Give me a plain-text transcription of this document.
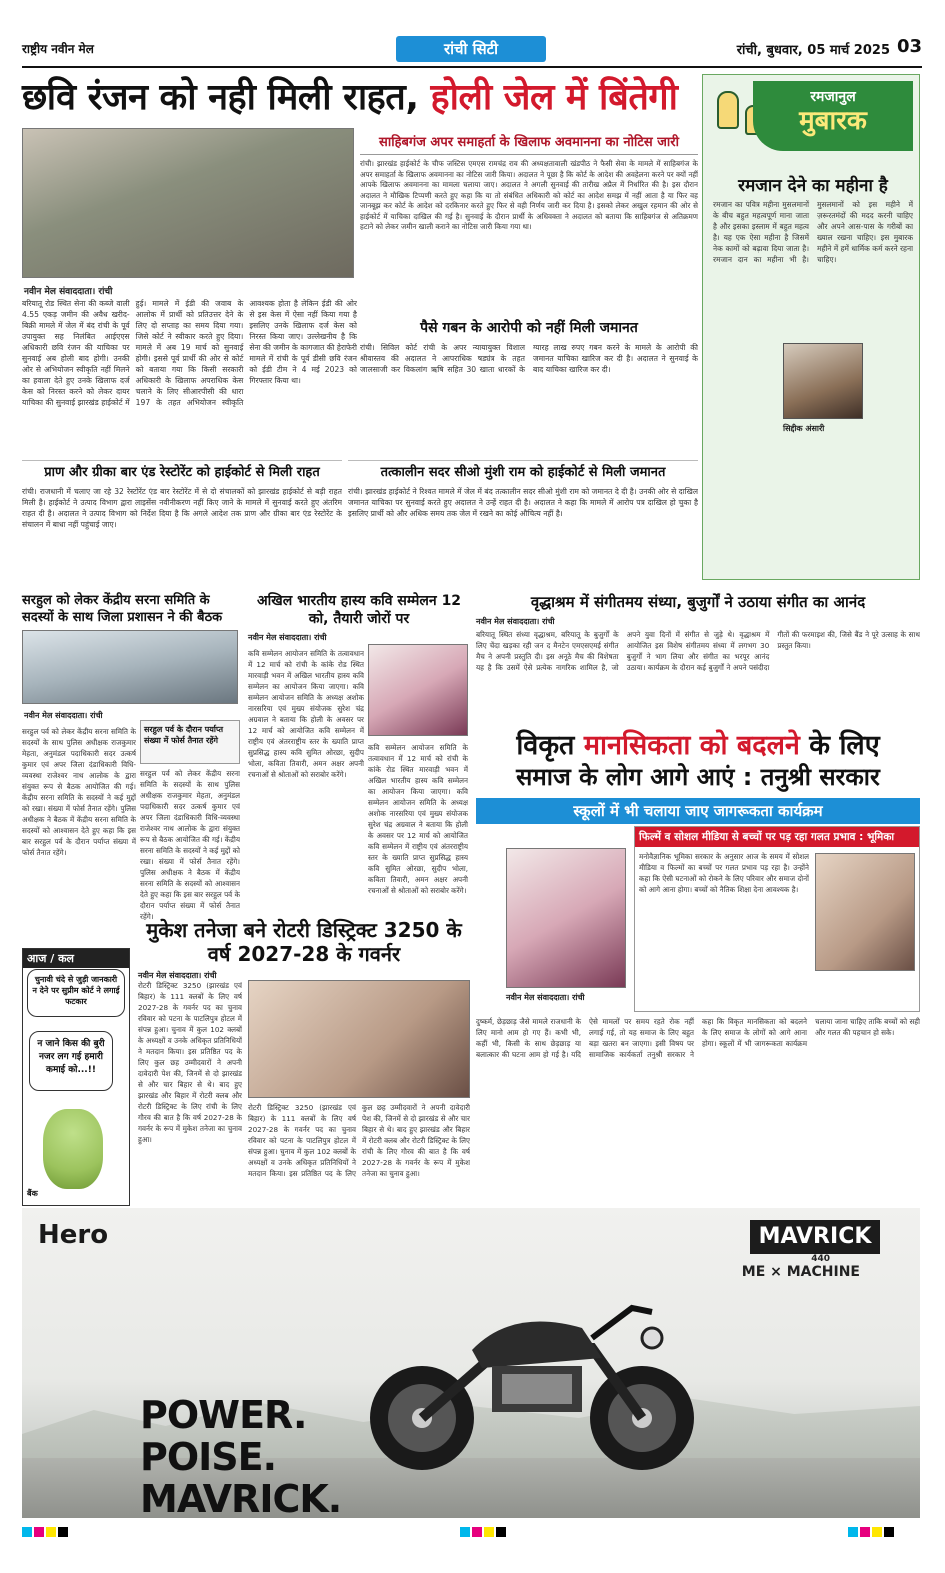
राष्ट्रीय नवीन मेल	रांची सिटी	रांची, बुधवार, 05 मार्च 2025 03
छवि रंजन को नही मिली राहत, होली जेल में बिंतेगी
नवीन मेल संवाददाता। रांची
बरियातू रोड स्थित सेना की कब्जे वाली 4.55 एकड़ जमीन की अवैध खरीद-बिक्री मामले में जेल में बंद रांची के पूर्व उपायुक्त सह निलंबित आईएएस अधिकारी छवि रंजन की याचिका पर सुनवाई अब होली बाद होगी। उनकी ओर से अभियोजन स्वीकृति नहीं मिलने का हवाला देते हुए उनके खिलाफ दर्ज केस को निरस्त करने को लेकर दायर याचिका की सुनवाई झारखंड हाईकोर्ट में हुई। मामले में ईडी की जवाब के आलोक में प्रार्थी को प्रतिउत्तर देने के लिए दो सप्ताह का समय दिया गया। जिसे कोर्ट ने स्वीकार करते हुए दिया। मामले में अब 19 मार्च को सुनवाई होगी। इससे पूर्व प्रार्थी की ओर से कोर्ट को बताया गया कि किसी सरकारी अधिकारी के खिलाफ अपराधिक केस चलाने के लिए सीआरपीसी की धारा 197 के तहत अभियोजन स्वीकृति आवश्यक होता है लेकिन ईडी की ओर से इस केस में ऐसा नहीं किया गया है इसलिए उनके खिलाफ दर्ज केस को निरस्त किया जाए। उल्लेखनीय है कि सेना की जमीन के कागजात की हेराफेरी मामले में रांची के पूर्व डीसी छवि रंजन को ईडी टीम ने 4 मई 2023 को गिरफ्तार किया था।
साहिबगंज अपर समाहर्ता के खिलाफ अवमानना का नोटिस जारी
रांची। झारखंड हाईकोर्ट के चीफ जस्टिस एमएस रामचंद्र राव की अध्यक्षतावाली खंडपीठ ने फैसी सेवा के मामले में साहिबगंज के अपर समाहर्ता के खिलाफ अवमानना का नोटिस जारी किया। अदालत ने पूछा है कि कोर्ट के आदेश की अवहेलना करने पर क्यों नहीं आपके खिलाफ अवमानना का मामला चलाया जाए। अदालत ने अगली सुनवाई की तारीख अप्रैल में निर्धारित की है। इस दौरान अदालत ने मौखिक टिप्पणी करते हुए कहा कि या तो संबंधित अधिकारी को कोर्ट का आदेश समझ में नहीं आता है या फिर वह जानबूझ कर कोर्ट के आदेश को दरकिनार करते हुए फिर से वही निर्णय जारी कर दिया है। इसको लेकर अखुल रहमान की ओर से हाईकोर्ट में याचिका दाखिल की गई है। सुनवाई के दौरान प्रार्थी के अधिवक्ता ने अदालत को बताया कि साहिबगंज से अतिक्रमण हटाने को लेकर जमीन खाली कराने का नोटिस जारी किया गया था।
पैसे गबन के आरोपी को नहीं मिली जमानत
रांची। सिविल कोर्ट रांची के अपर न्यायायुक्त विशाल श्रीवास्तव की अदालत ने आपराधिक षड्यंत्र के तहत जालसाजी कर विकलांग ऋषि सहित 30 खाता धारकों के ग्यारह लाख रुपए गबन करने के मामले के आरोपी की जमानत याचिका खारिज कर दी है। अदालत ने सुनवाई के बाद याचिका खारिज कर दी।
प्राण और ग्रीका बार एंड रेस्टोरेंट को हाईकोर्ट से मिली राहत
रांची। राजधानी में चलाए जा रहे 32 रेस्टोरेंट एंड बार रेस्टोरेंट में से दो संचालकों को झारखंड हाईकोर्ट से बड़ी राहत मिली है। हाईकोर्ट ने उत्पाद विभाग द्वारा लाइसेंस नवीनीकरण नहीं किए जाने के मामले में सुनवाई करते हुए अंतरिम राहत दी है। अदालत ने उत्पाद विभाग को निर्देश दिया है कि अगले आदेश तक प्राण और ग्रीका बार एंड रेस्टोरेंट के संचालन में बाधा नहीं पहुंचाई जाए।
तत्कालीन सदर सीओ मुंशी राम को हाईकोर्ट से मिली जमानत
रांची। झारखंड हाईकोर्ट ने रिश्वत मामले में जेल में बंद तत्कालीन सदर सीओ मुंशी राम को जमानत दे दी है। उनकी ओर से दाखिल जमानत याचिका पर सुनवाई करते हुए अदालत ने उन्हें राहत दी है। अदालत ने कहा कि मामले में आरोप पत्र दाखिल हो चुका है इसलिए प्रार्थी को और अधिक समय तक जेल में रखने का कोई औचित्य नहीं है।
रमजानुल
मुबारक
रमजान देने का महीना है
रमजान का पवित्र महीना मुसलमानों के बीच बहुत महत्वपूर्ण माना जाता है और इसका इस्लाम में बहुत महत्व है। यह एक ऐसा महीना है जिसमें नेक कामों को बढ़ावा दिया जाता है। रमजान दान का महीना भी है। मुसलमानों को इस महीने में ज़रूरतमंदों की मदद करनी चाहिए और अपने आस-पास के गरीबों का ख्याल रखना चाहिए। इस मुबारक महीने में हमें धार्मिक कर्म करने रहना चाहिए।
सिद्दीक अंसारी
सरहुल को लेकर केंद्रीय सरना समिति के सदस्यों के साथ जिला प्रशासन ने की बैठक
नवीन मेल संवाददाता। रांची
सरहुल पर्व के दौरान पर्याप्त संख्या में फोर्स तैनात रहेंगे
सरहुल पर्व को लेकर केंद्रीय सरना समिति के सदस्यों के साथ पुलिस अधीक्षक राजकुमार मेहता, अनुमंडल पदाधिकारी सदर उत्कर्ष कुमार एवं अपर जिला दंडाधिकारी विधि-व्यवस्था राजेश्वर नाथ आलोक के द्वारा संयुक्त रूप से बैठक आयोजित की गई। केंद्रीय सरना समिति के सदस्यों ने कई मुद्दों को रखा। संख्या में फोर्स तैनात रहेंगे। पुलिस अधीक्षक ने बैठक में केंद्रीय सरना समिति के सदस्यों को आश्वासन देते हुए कहा कि इस बार सरहुल पर्व के दौरान पर्याप्त संख्या में फोर्स तैनात रहेंगे।
सरहुल पर्व को लेकर केंद्रीय सरना समिति के सदस्यों के साथ पुलिस अधीक्षक राजकुमार मेहता, अनुमंडल पदाधिकारी सदर उत्कर्ष कुमार एवं अपर जिला दंडाधिकारी विधि-व्यवस्था राजेश्वर नाथ आलोक के द्वारा संयुक्त रूप से बैठक आयोजित की गई। केंद्रीय सरना समिति के सदस्यों ने कई मुद्दों को रखा। संख्या में फोर्स तैनात रहेंगे। पुलिस अधीक्षक ने बैठक में केंद्रीय सरना समिति के सदस्यों को आश्वासन देते हुए कहा कि इस बार सरहुल पर्व के दौरान पर्याप्त संख्या में फोर्स तैनात रहेंगे।
आज / कल
चुनावी चंदे से जुड़ी जानकारी न देने पर सुप्रीम कोर्ट ने लगाई फटकार
न जाने किस की बुरी नजर लग गई हमारी कमाई को...!!
बैंक
अखिल भारतीय हास्य कवि सम्मेलन 12 को, तैयारी जोरों पर
नवीन मेल संवाददाता। रांची
कवि सम्मेलन आयोजन समिति के तत्वावधान में 12 मार्च को रांची के कांके रोड स्थित मारवाड़ी भवन में अखिल भारतीय हास्य कवि सम्मेलन का आयोजन किया जाएगा। कवि सम्मेलन आयोजन समिति के अध्यक्ष अशोक नारसरिया एवं मुख्य संयोजक सुरेश चंद्र अग्रवाल ने बताया कि होली के अवसर पर 12 मार्च को आयोजित कवि सम्मेलन में राष्ट्रीय एवं अंतरराष्ट्रीय स्तर के ख्याति प्राप्त सुप्रसिद्ध हास्य कवि सुमित ओरछा, सुदीप भोला, कविता तिवारी, अमन अक्षर अपनी रचनाओं से श्रोताओं को सराबोर करेंगे।
कवि सम्मेलन आयोजन समिति के तत्वावधान में 12 मार्च को रांची के कांके रोड स्थित मारवाड़ी भवन में अखिल भारतीय हास्य कवि सम्मेलन का आयोजन किया जाएगा। कवि सम्मेलन आयोजन समिति के अध्यक्ष अशोक नारसरिया एवं मुख्य संयोजक सुरेश चंद्र अग्रवाल ने बताया कि होली के अवसर पर 12 मार्च को आयोजित कवि सम्मेलन में राष्ट्रीय एवं अंतरराष्ट्रीय स्तर के ख्याति प्राप्त सुप्रसिद्ध हास्य कवि सुमित ओरछा, सुदीप भोला, कविता तिवारी, अमन अक्षर अपनी रचनाओं से श्रोताओं को सराबोर करेंगे।
मुकेश तनेजा बने रोटरी डिस्ट्रिक्ट 3250 के वर्ष 2027-28 के गवर्नर
नवीन मेल संवाददाता। रांची
रोटरी डिस्ट्रिक्ट 3250 (झारखंड एवं बिहार) के 111 क्लबों के लिए वर्ष 2027-28 के गवर्नर पद का चुनाव रविवार को पटना के पाटलिपुत्र होटल में संपन्न हुआ। चुनाव में कुल 102 क्लबों के अध्यक्षों व उनके अधिकृत प्रतिनिधियों ने मतदान किया। इस प्रतिष्ठित पद के लिए कुल छह उम्मीदवारों ने अपनी दावेदारी पेश की, जिनमें से दो झारखंड से और चार बिहार से थे। बाद हुए झारखंड और बिहार में रोटरी क्लब और रोटरी डिस्ट्रिक्ट के लिए रांची के लिए गौरव की बात है कि वर्ष 2027-28 के गवर्नर के रूप में मुकेश तनेजा का चुनाव हुआ।
रोटरी डिस्ट्रिक्ट 3250 (झारखंड एवं बिहार) के 111 क्लबों के लिए वर्ष 2027-28 के गवर्नर पद का चुनाव रविवार को पटना के पाटलिपुत्र होटल में संपन्न हुआ। चुनाव में कुल 102 क्लबों के अध्यक्षों व उनके अधिकृत प्रतिनिधियों ने मतदान किया। इस प्रतिष्ठित पद के लिए कुल छह उम्मीदवारों ने अपनी दावेदारी पेश की, जिनमें से दो झारखंड से और चार बिहार से थे। बाद हुए झारखंड और बिहार में रोटरी क्लब और रोटरी डिस्ट्रिक्ट के लिए रांची के लिए गौरव की बात है कि वर्ष 2027-28 के गवर्नर के रूप में मुकेश तनेजा का चुनाव हुआ।
वृद्धाश्रम में संगीतमय संध्या, बुजुर्गों ने उठाया संगीत का आनंद
नवीन मेल संवाददाता। रांची
बरियातू स्थित संध्या वृद्धाश्रम, बरियातू के बुजुर्गों के लिए चेंदा खड़का रही जन द मैनटेन एमएसएमई संगीत मैच ने अपनी प्रस्तुति दी। इस अनूठे मैच की विशेषता यह है कि उसमें ऐसे प्रत्येक नागरिक शामिल है, जो अपने युवा दिनों में संगीत से जुड़े थे। वृद्धाश्रम में आयोजित इस विशेष संगीतमय संध्या में लगभग 30 बुजुर्गों ने भाग लिया और संगीत का भरपूर आनंद उठाया। कार्यक्रम के दौरान कई बुजुर्गों ने अपने पसंदीदा गीतों की फरमाइश की, जिसे बैंड ने पूरे उत्साह के साथ प्रस्तुत किया।
विकृत मानसिकता को बदलने के लिए
समाज के लोग आगे आएं : तनुश्री सरकार
स्कूलों में भी चलाया जाए जागरूकता कार्यक्रम
नवीन मेल संवाददाता। रांची
फिल्में व सोशल मीडिया से बच्चों पर पड़ रहा गलत प्रभाव : भूमिका
मनोवैज्ञानिक भूमिका सरकार के अनुसार आज के समय में सोशल मीडिया व फिल्मों का बच्चों पर गलत प्रभाव पड़ रहा है। उन्होंने कहा कि ऐसी घटनाओं को रोकने के लिए परिवार और समाज दोनों को आगे आना होगा। बच्चों को नैतिक शिक्षा देना आवश्यक है।
दुष्कर्म, छेड़छाड़ जैसे मामले राजधानी के लिए मानो आम हो गए हैं। कभी भी, कहीं भी, किसी के साथ छेड़छाड़ या बलात्कार की घटना आम हो गई है। यदि ऐसे मामलों पर समय रहते रोक नहीं लगाई गई, तो यह समाज के लिए बहुत बड़ा खतरा बन जाएगा। इसी विषय पर सामाजिक कार्यकर्ता तनुश्री सरकार ने कहा कि विकृत मानसिकता को बदलने के लिए समाज के लोगों को आगे आना होगा। स्कूलों में भी जागरूकता कार्यक्रम चलाया जाना चाहिए ताकि बच्चों को सही और गलत की पहचान हो सके।
Hero
POWER.
POISE.
MAVRICK.
MAVRICK
440
ME × MACHINE
